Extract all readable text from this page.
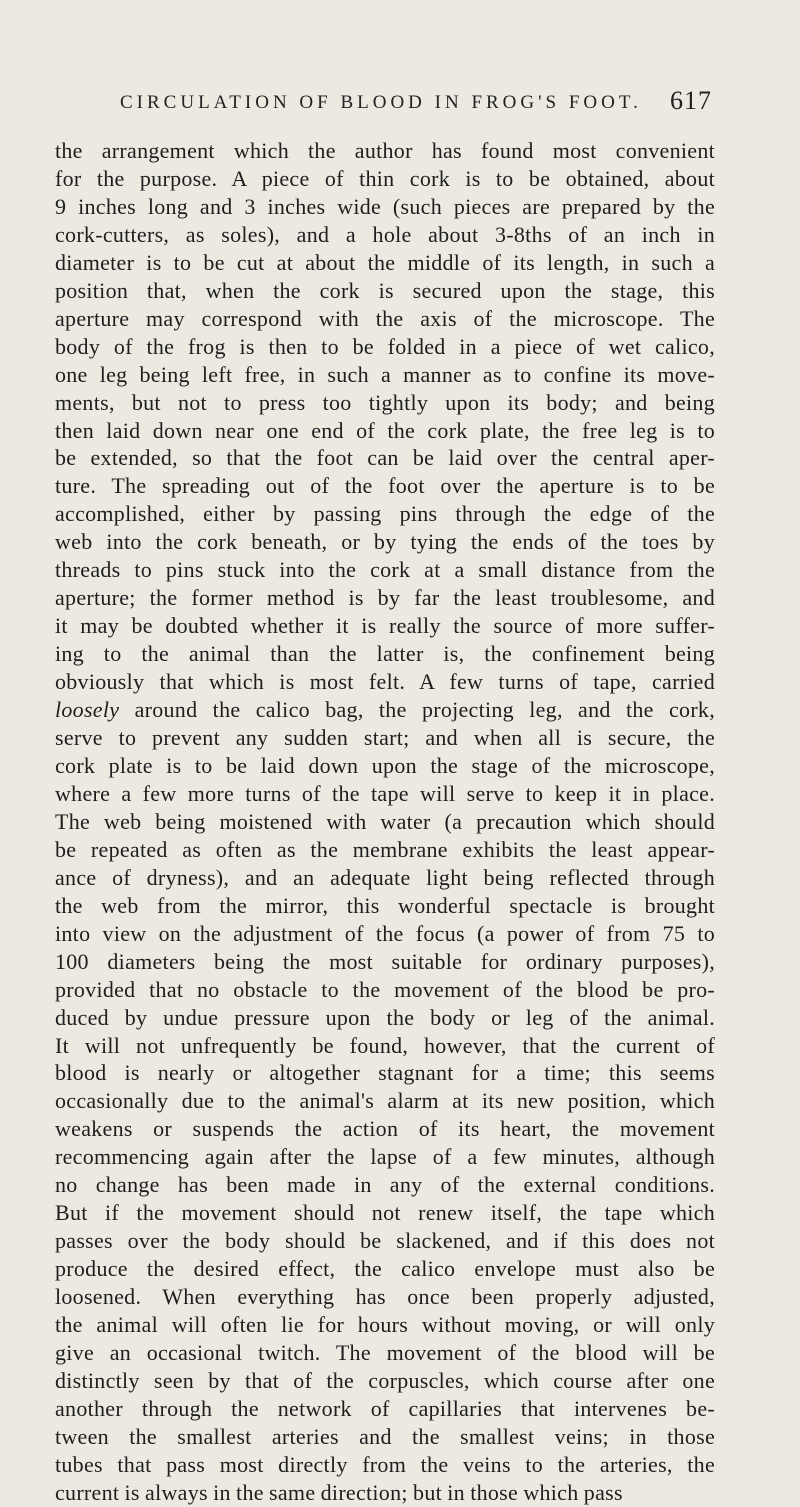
CIRCULATION OF BLOOD IN FROG'S FOOT. 617
the arrangement which the author has found most convenient
for the purpose. A piece of thin cork is to be obtained, about
9 inches long and 3 inches wide (such pieces are prepared by the
cork-cutters, as soles), and a hole about 3-8ths of an inch in
diameter is to be cut at about the middle of its length, in such a
position that, when the cork is secured upon the stage, this
aperture may correspond with the axis of the microscope. The
body of the frog is then to be folded in a piece of wet calico,
one leg being left free, in such a manner as to confine its move-
ments, but not to press too tightly upon its body; and being
then laid down near one end of the cork plate, the free leg is to
be extended, so that the foot can be laid over the central aper-
ture. The spreading out of the foot over the aperture is to be
accomplished, either by passing pins through the edge of the
web into the cork beneath, or by tying the ends of the toes by
threads to pins stuck into the cork at a small distance from the
aperture; the former method is by far the least troublesome, and
it may be doubted whether it is really the source of more suffer-
ing to the animal than the latter is, the confinement being
obviously that which is most felt. A few turns of tape, carried
loosely around the calico bag, the projecting leg, and the cork,
serve to prevent any sudden start; and when all is secure, the
cork plate is to be laid down upon the stage of the microscope,
where a few more turns of the tape will serve to keep it in place.
The web being moistened with water (a precaution which should
be repeated as often as the membrane exhibits the least appear-
ance of dryness), and an adequate light being reflected through
the web from the mirror, this wonderful spectacle is brought
into view on the adjustment of the focus (a power of from 75 to
100 diameters being the most suitable for ordinary purposes),
provided that no obstacle to the movement of the blood be pro-
duced by undue pressure upon the body or leg of the animal.
It will not unfrequently be found, however, that the current of
blood is nearly or altogether stagnant for a time; this seems
occasionally due to the animal's alarm at its new position, which
weakens or suspends the action of its heart, the movement
recommencing again after the lapse of a few minutes, although
no change has been made in any of the external conditions.
But if the movement should not renew itself, the tape which
passes over the body should be slackened, and if this does not
produce the desired effect, the calico envelope must also be
loosened. When everything has once been properly adjusted,
the animal will often lie for hours without moving, or will only
give an occasional twitch. The movement of the blood will be
distinctly seen by that of the corpuscles, which course after one
another through the network of capillaries that intervenes be-
tween the smallest arteries and the smallest veins; in those
tubes that pass most directly from the veins to the arteries, the
current is always in the same direction; but in those which pass
